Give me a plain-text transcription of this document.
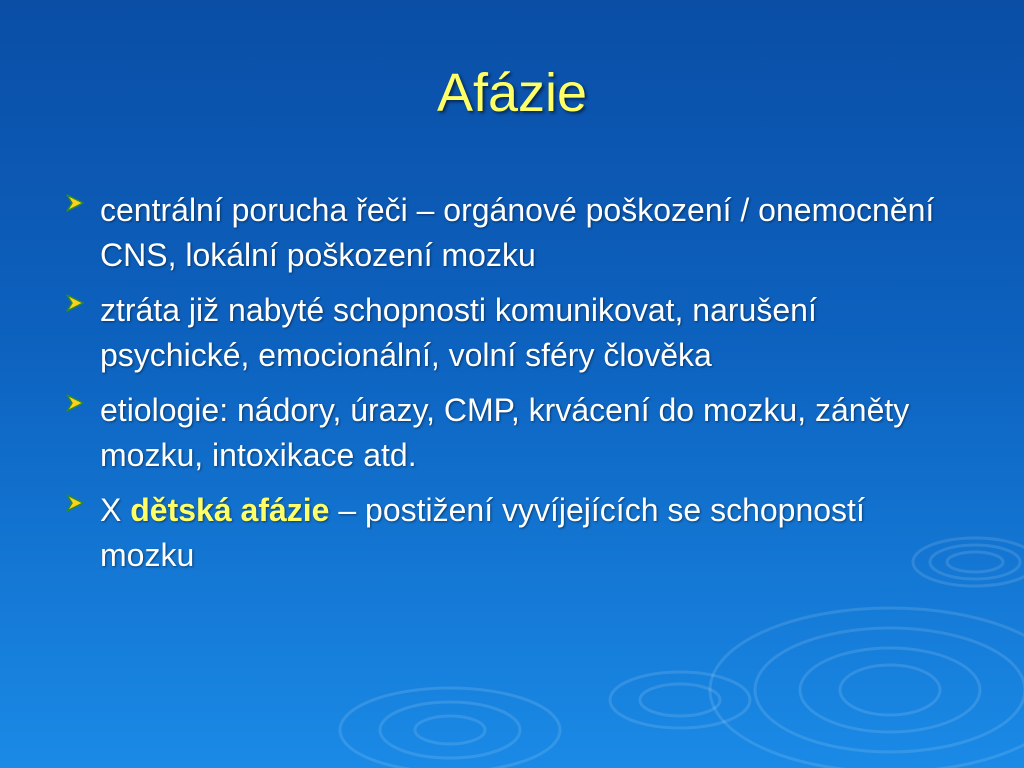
Afázie
centrální porucha řeči – orgánové poškození / onemocnění CNS, lokální poškození mozku
ztráta již nabyté schopnosti komunikovat, narušení psychické, emocionální, volní sféry člověka
etiologie: nádory, úrazy, CMP, krvácení do mozku, záněty mozku, intoxikace atd.
X dětská afázie – postižení vyvíjejících se schopností mozku
